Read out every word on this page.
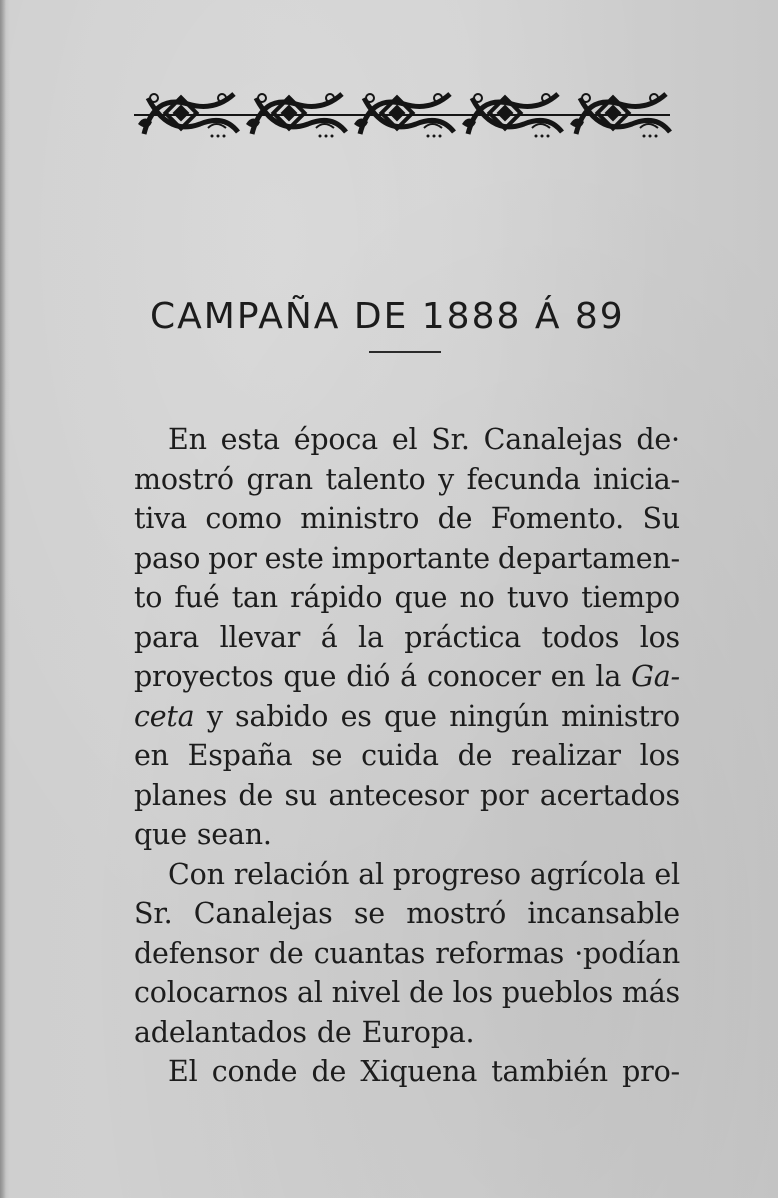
CAMPAÑA DE 1888 Á 89
En esta época el Sr. Canalejas de·
mostró gran talento y fecunda inicia-
tiva como ministro de Fomento. Su
paso por este importante departamen-
to fué tan rápido que no tuvo tiempo
para llevar á la práctica todos los
proyectos que dió á conocer en la Ga-
ceta y sabido es que ningún ministro
en España se cuida de realizar los
planes de su antecesor por acertados
que sean.
Con relación al progreso agrícola el
Sr. Canalejas se mostró incansable
defensor de cuantas reformas ·podían
colocarnos al nivel de los pueblos más
adelantados de Europa.
El conde de Xiquena también pro-
